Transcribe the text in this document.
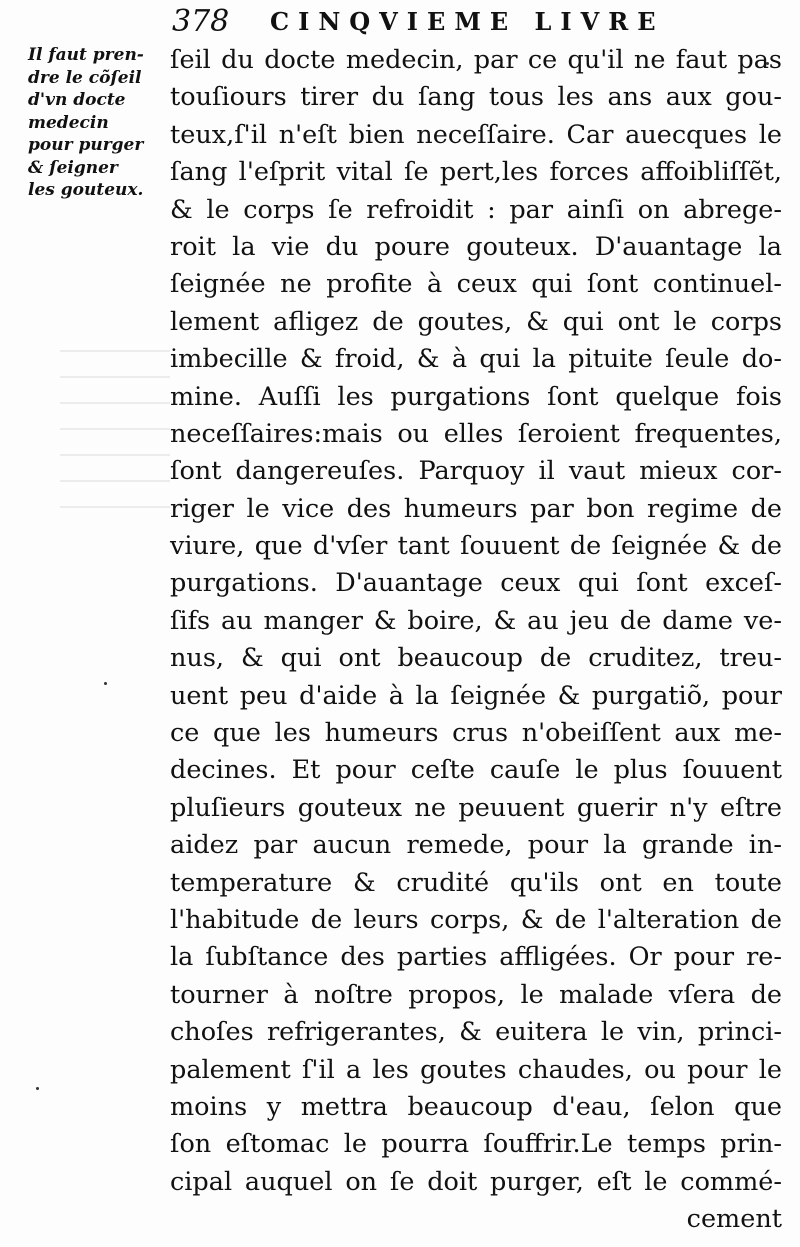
378 CINQVIEME LIVRE
Il faut pren-
dre le cõſeil
d'vn docte
medecin
pour purger
& ſeigner
les gouteux.
ſeil du docte medecin, par ce qu'il ne faut pas
touſiours tirer du ſang tous les ans aux gou-
teux,ſ'il n'eſt bien neceſſaire. Car auecques le
ſang l'eſprit vital ſe pert,les forces affoibliſſẽt,
& le corps ſe refroidit : par ainſi on abrege-
roit la vie du poure gouteux. D'auantage la
ſeignée ne profite à ceux qui ſont continuel-
lement afligez de goutes, & qui ont le corps
imbecille & froid, & à qui la pituite ſeule do-
mine. Auſſi les purgations ſont quelque fois
neceſſaires:mais ou elles ſeroient frequentes,
ſont dangereuſes. Parquoy il vaut mieux cor-
riger le vice des humeurs par bon regime de
viure, que d'vſer tant ſouuent de ſeignée & de
purgations. D'auantage ceux qui ſont exceſ-
ſifs au manger & boire, & au jeu de dame ve-
nus, & qui ont beaucoup de cruditez, treu-
uent peu d'aide à la ſeignée & purgatiõ, pour
ce que les humeurs crus n'obeiſſent aux me-
decines. Et pour ceſte cauſe le plus ſouuent
pluſieurs gouteux ne peuuent guerir n'y eſtre
aidez par aucun remede, pour la grande in-
temperature & crudité qu'ils ont en toute
l'habitude de leurs corps, & de l'alteration de
la ſubſtance des parties affligées. Or pour re-
tourner à noſtre propos, le malade vſera de
choſes refrigerantes, & euitera le vin, princi-
palement ſ'il a les goutes chaudes, ou pour le
moins y mettra beaucoup d'eau, ſelon que
ſon eſtomac le pourra ſouffrir.Le temps prin-
cipal auquel on ſe doit purger, eſt le commé-
cement
